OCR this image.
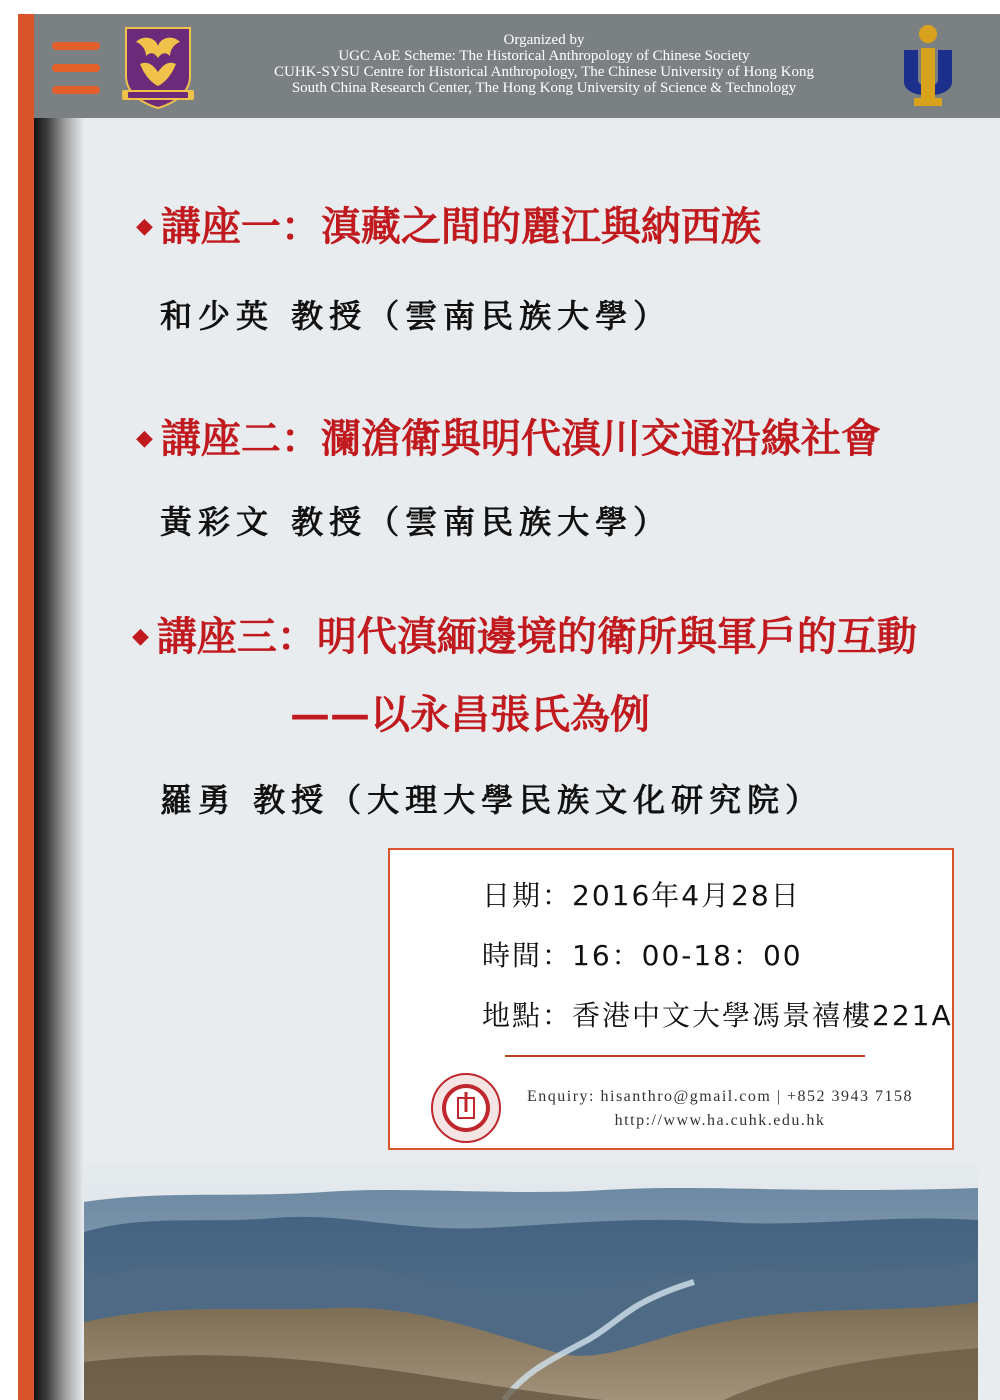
Organized by
UGC AoE Scheme: The Historical Anthropology of Chinese Society
CUHK-SYSU Centre for Historical Anthropology, The Chinese University of Hong Kong
South China Research Center, The Hong Kong University of Science & Technology
◆ 講座一：滇藏之間的麗江與納西族
和少英 教授（雲南民族大學）
◆ 講座二：瀾滄衛與明代滇川交通沿線社會
黃彩文 教授（雲南民族大學）
◆ 講座三：明代滇緬邊境的衛所與軍戶的互動
——以永昌張氏為例
羅勇 教授（大理大學民族文化研究院）
日期：2016年4月28日
時間：16：00-18：00
地點：香港中文大學馮景禧樓221A
Enquiry: hisanthro@gmail.com | +852 3943 7158
http://www.ha.cuhk.edu.hk
